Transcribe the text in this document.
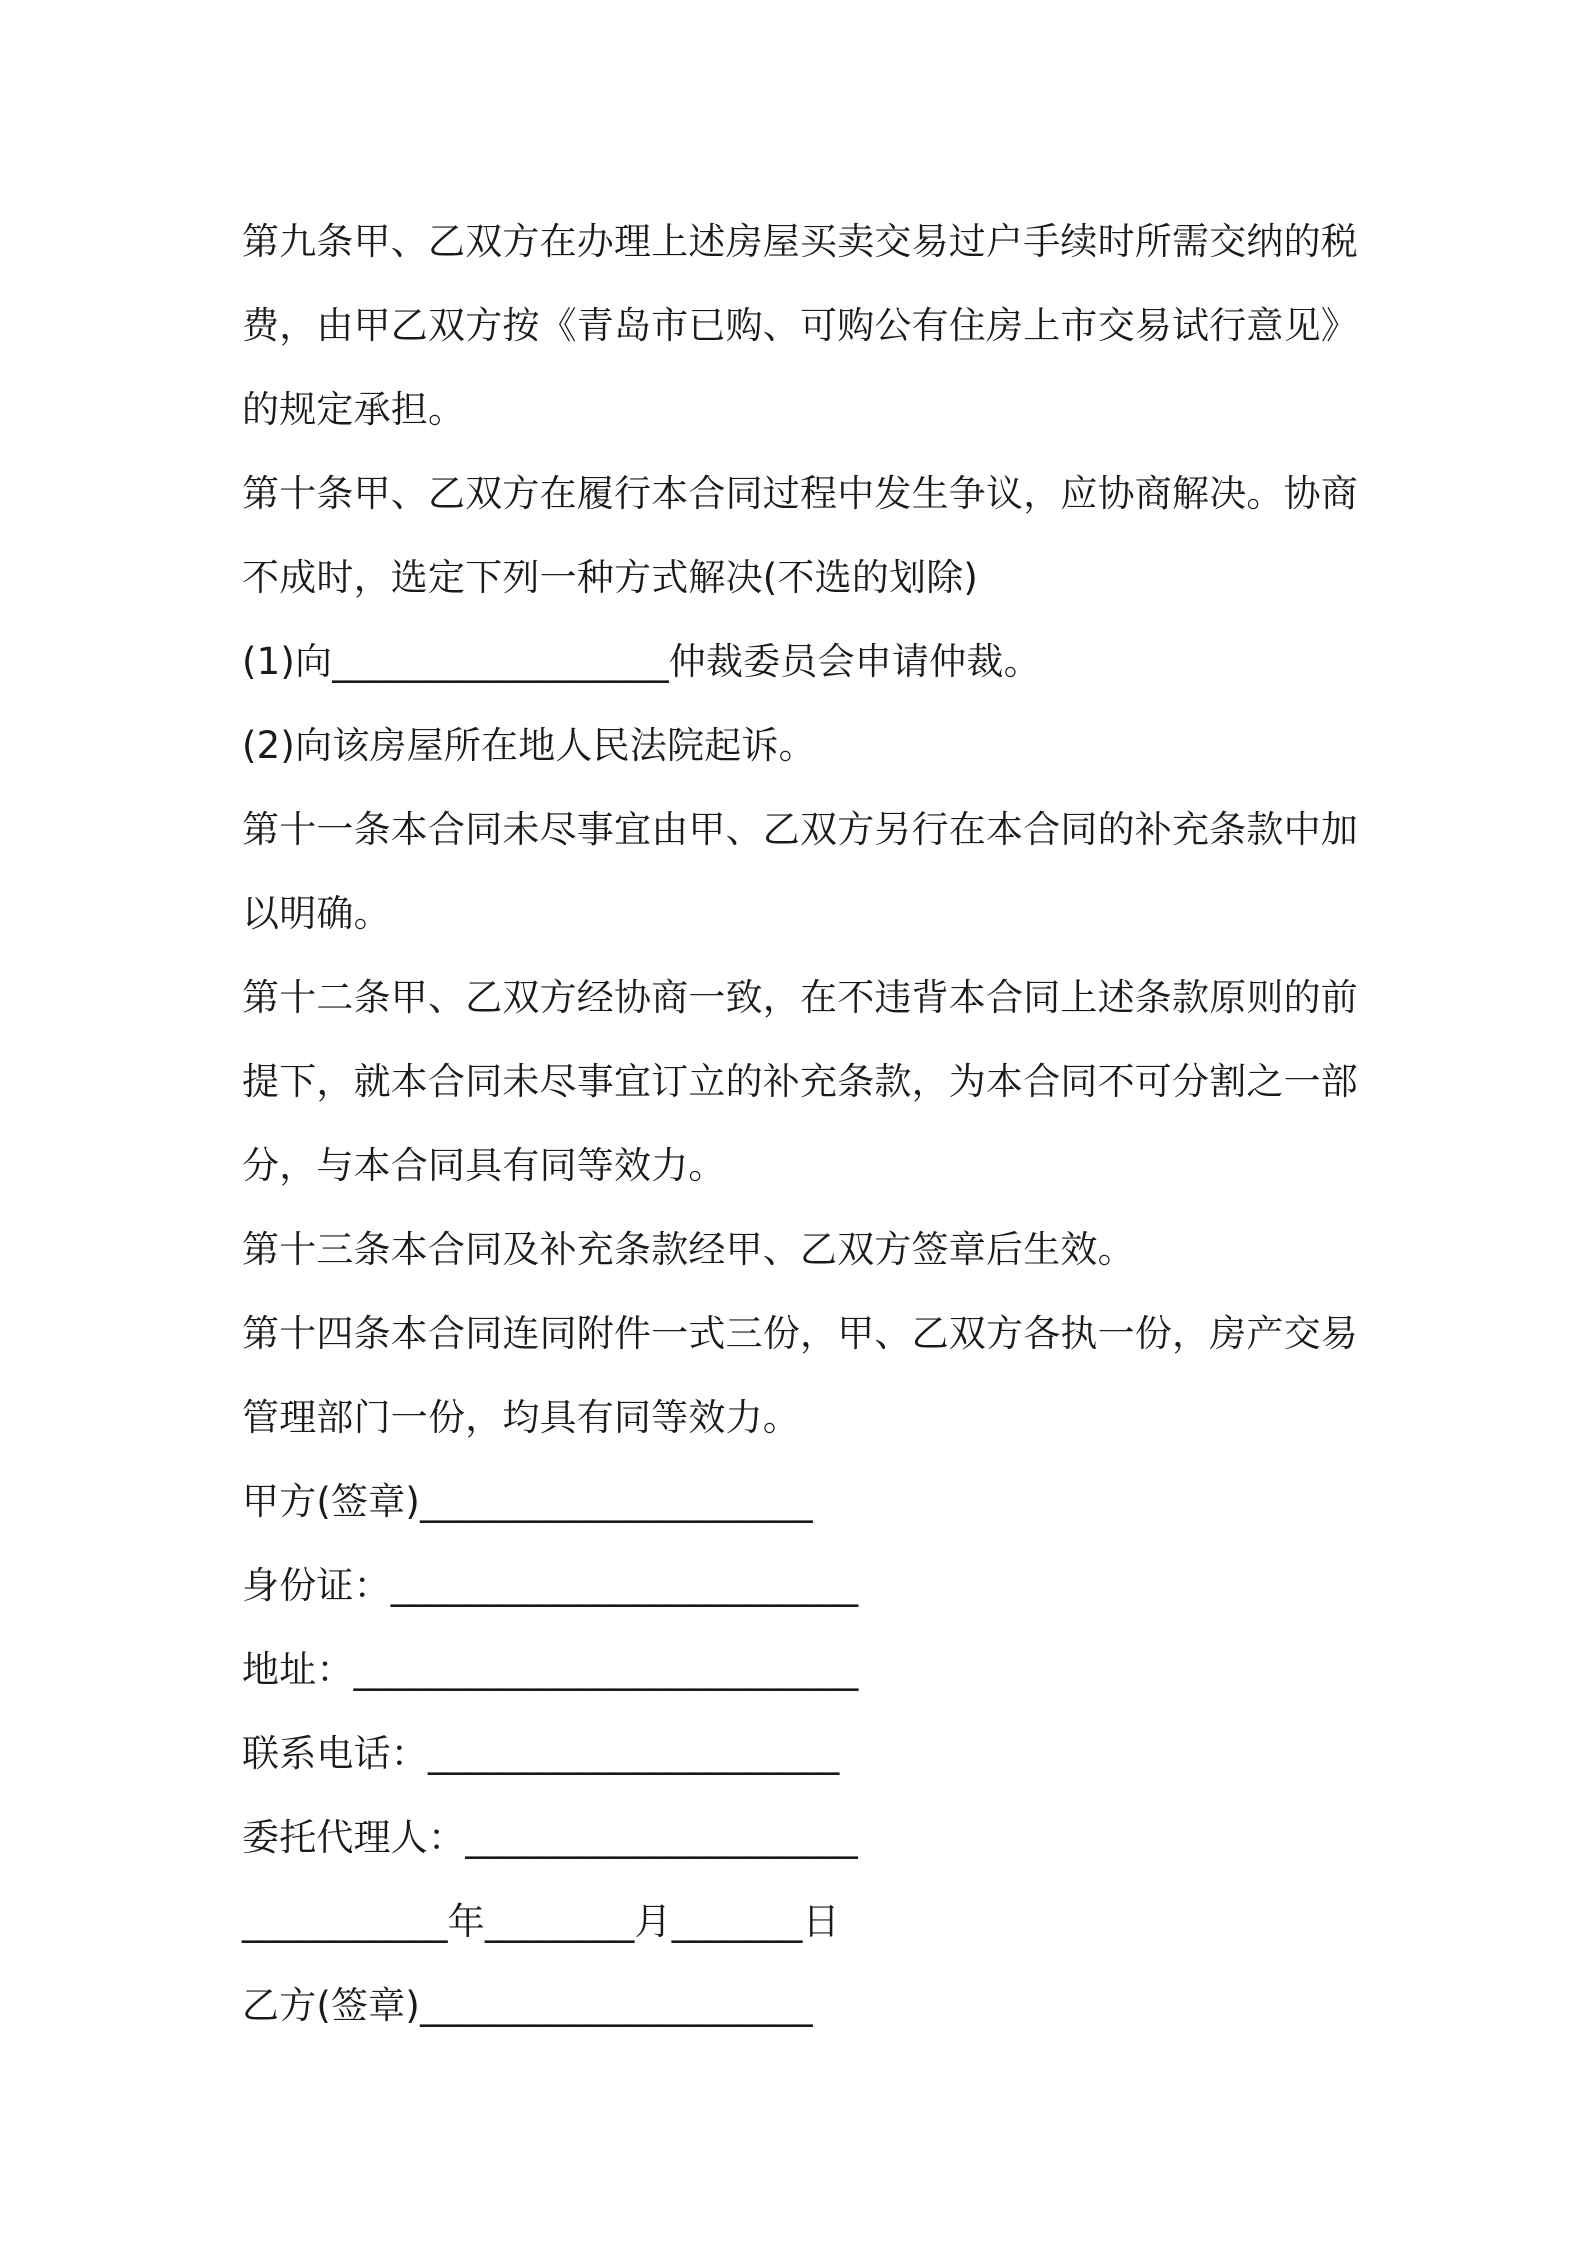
第九条甲、乙双方在办理上述房屋买卖交易过户手续时所需交纳的税
费，由甲乙双方按《青岛市已购、可购公有住房上市交易试行意见》
的规定承担。
第十条甲、乙双方在履行本合同过程中发生争议，应协商解决。协商
不成时，选定下列一种方式解决(不选的划除)
(1)向__________________仲裁委员会申请仲裁。
(2)向该房屋所在地人民法院起诉。
第十一条本合同未尽事宜由甲、乙双方另行在本合同的补充条款中加
以明确。
第十二条甲、乙双方经协商一致，在不违背本合同上述条款原则的前
提下，就本合同未尽事宜订立的补充条款，为本合同不可分割之一部
分，与本合同具有同等效力。
第十三条本合同及补充条款经甲、乙双方签章后生效。
第十四条本合同连同附件一式三份，甲、乙双方各执一份，房产交易
管理部门一份，均具有同等效力。
甲方(签章)_____________________
身份证：_________________________
地址：___________________________
联系电话：______________________
委托代理人：_____________________
___________年________月_______日
乙方(签章)_____________________
